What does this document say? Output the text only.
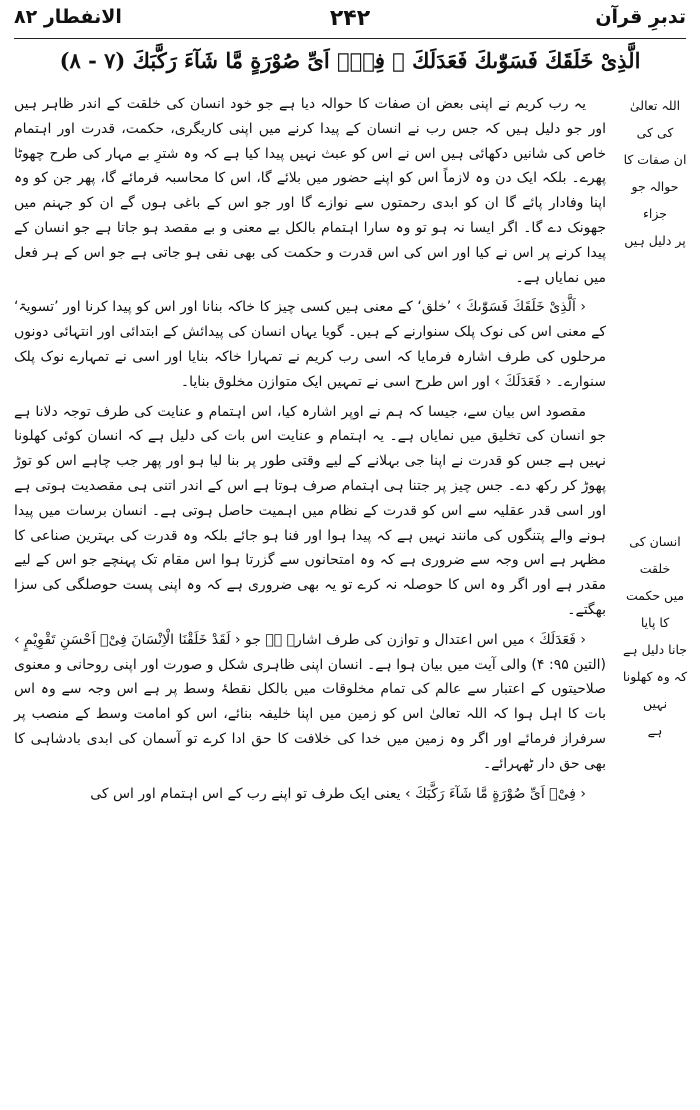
تدبرِ قرآن
۲۴۲
الانفطار ۸۲
الَّذِیْ خَلَقَكَ فَسَوّٰىكَ فَعَدَلَكَ ۙ فِیْۤ اَیِّ صُوْرَةٍ مَّا شَآءَ رَكَّبَكَ (۷ - ۸)
اللہ تعالیٰ کی کی
ان صفات کا
حوالہ جو جزاء
پر دلیل ہیں
انسان کی خلقت
میں حکمت کا پایا
جانا دلیل ہے
کہ وہ کھلونا نہیں
ہے

یہ رب کریم نے اپنی بعض ان صفات کا حوالہ دیا ہے جو خود انسان کی خلقت کے اندر ظاہر ہیں اور جو دلیل ہیں کہ جس رب نے انسان کے پیدا کرنے میں اپنی کاریگری، حکمت، قدرت اور اہتمام خاص کی شانیں دکھائی ہیں اس نے اس کو عبث نہیں پیدا کیا ہے کہ وہ شترِ بے مہار کی طرح چھوٹا پھرے۔ بلکہ ایک دن وہ لازماً اس کو اپنے حضور میں بلائے گا، اس کا محاسبہ فرمائے گا، پھر جن کو وہ اپنا وفادار پائے گا ان کو ابدی رحمتوں سے نوازے گا اور جو اس کے باغی ہوں گے ان کو جہنم میں جھونک دے گا۔ اگر ایسا نہ ہو تو وہ سارا اہتمام بالکل بے معنی و بے مقصد ہو جاتا ہے جو انسان کے پیدا کرنے پر اس نے کیا اور اس کی اس قدرت و حکمت کی بھی نفی ہو جاتی ہے جو اس کے ہر فعل میں نمایاں ہے۔

‹ اَلَّذِیْ خَلَقَكَ فَسَوّٰىكَ › ’خلق‘ کے معنی ہیں کسی چیز کا خاکہ بنانا اور اس کو پیدا کرنا اور ’تسویۃ‘ کے معنی اس کی نوک پلک سنوارنے کے ہیں۔ گویا یہاں انسان کی پیدائش کے ابتدائی اور انتہائی دونوں مرحلوں کی طرف اشارہ فرمایا کہ اسی رب کریم نے تمہارا خاکہ بنایا اور اسی نے تمہارے نوک پلک سنوارے۔ ‹ فَعَدَلَكَ › اور اس طرح اسی نے تمہیں ایک متوازن مخلوق بنایا۔

مقصود اس بیان سے، جیسا کہ ہم نے اوپر اشارہ کیا، اس اہتمام و عنایت کی طرف توجہ دلانا ہے جو انسان کی تخلیق میں نمایاں ہے۔ یہ اہتمام و عنایت اس بات کی دلیل ہے کہ انسان کوئی کھلونا نہیں ہے جس کو قدرت نے اپنا جی بہلانے کے لیے وقتی طور پر بنا لیا ہو اور پھر جب چاہے اس کو توڑ پھوڑ کر رکھ دے۔ جس چیز پر جتنا ہی اہتمام صرف ہوتا ہے اس کے اندر اتنی ہی مقصدیت ہوتی ہے اور اسی قدر عقلیہ سے اس کو قدرت کے نظام میں اہمیت حاصل ہوتی ہے۔ انسان برسات میں پیدا ہونے والے پتنگوں کی مانند نہیں ہے کہ پیدا ہوا اور فنا ہو جائے بلکہ وہ قدرت کی بہترین صناعی کا مظہر ہے اس وجہ سے ضروری ہے کہ وہ امتحانوں سے گزرتا ہوا اس مقام تک پہنچے جو اس کے لیے مقدر ہے اور اگر وہ اس کا حوصلہ نہ کرے تو یہ بھی ضروری ہے کہ وہ اپنی پست حوصلگی کی سزا بھگتے۔

‹ فَعَدَلَكَ › میں اس اعتدال و توازن کی طرف اشارہ ہے جو ‹ لَقَدْ خَلَقْنَا الْاِنْسَانَ فِیْۤ اَحْسَنِ تَقْوِیْمٍ › (التین ۹۵: ۴) والی آیت میں بیان ہوا ہے۔ انسان اپنی ظاہری شکل و صورت اور اپنی روحانی و معنوی صلاحیتوں کے اعتبار سے عالم کی تمام مخلوقات میں بالکل نقطۂ وسط پر ہے اس وجہ سے وہ اس بات کا اہل ہوا کہ اللہ تعالیٰ اس کو زمین میں اپنا خلیفہ بنائے، اس کو امامت وسط کے منصب پر سرفراز فرمائے اور اگر وہ زمین میں خدا کی خلافت کا حق ادا کرے تو آسمان کی ابدی بادشاہی کا بھی حق دار ٹھہرائے۔

‹ فِیْۤ اَیِّ صُوْرَةٍ مَّا شَآءَ رَكَّبَكَ › یعنی ایک طرف تو اپنے رب کے اس اہتمام اور اس کی
